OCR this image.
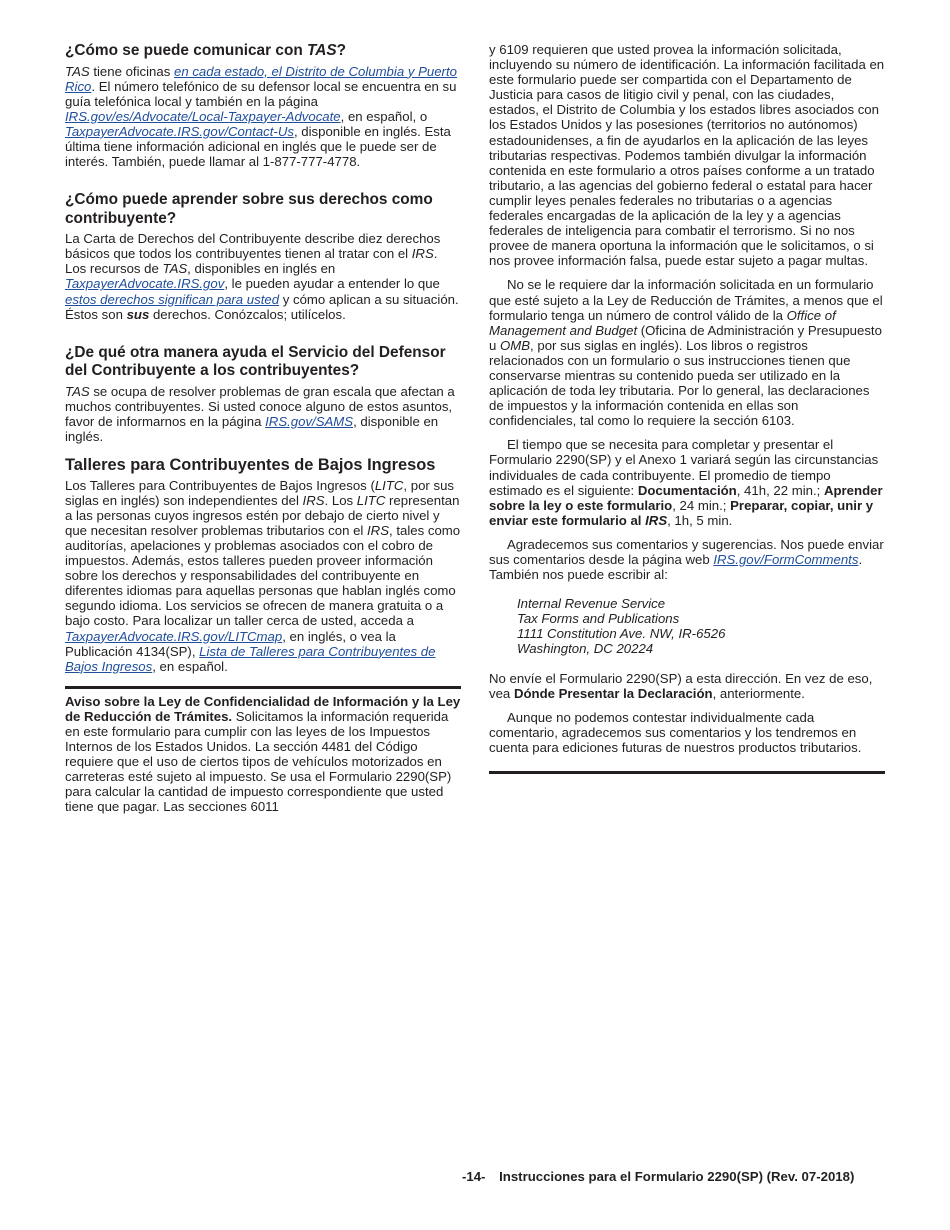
¿Cómo se puede comunicar con TAS?

TAS tiene oficinas en cada estado, el Distrito de Columbia y Puerto Rico. El número telefónico de su defensor local se encuentra en su guía telefónica local y también en la página IRS.gov/es/Advocate/Local-Taxpayer-Advocate, en español, o TaxpayerAdvocate.IRS.gov/Contact-Us, disponible en inglés. Esta última tiene información adicional en inglés que le puede ser de interés. También, puede llamar al 1-877-777-4778.

¿Cómo puede aprender sobre sus derechos como contribuyente?

La Carta de Derechos del Contribuyente describe diez derechos básicos que todos los contribuyentes tienen al tratar con el IRS. Los recursos de TAS, disponibles en inglés en TaxpayerAdvocate.IRS.gov, le pueden ayudar a entender lo que estos derechos significan para usted y cómo aplican a su situación. Éstos son sus derechos. Conózcalos; utilícelos.

¿De qué otra manera ayuda el Servicio del Defensor del Contribuyente a los contribuyentes?

TAS se ocupa de resolver problemas de gran escala que afectan a muchos contribuyentes. Si usted conoce alguno de estos asuntos, favor de informarnos en la página IRS.gov/SAMS, disponible en inglés.

Talleres para Contribuyentes de Bajos Ingresos

Los Talleres para Contribuyentes de Bajos Ingresos (LITC, por sus siglas en inglés) son independientes del IRS. Los LITC representan a las personas cuyos ingresos estén por debajo de cierto nivel y que necesitan resolver problemas tributarios con el IRS, tales como auditorías, apelaciones y problemas asociados con el cobro de impuestos. Además, estos talleres pueden proveer información sobre los derechos y responsabilidades del contribuyente en diferentes idiomas para aquellas personas que hablan inglés como segundo idioma. Los servicios se ofrecen de manera gratuita o a bajo costo. Para localizar un taller cerca de usted, acceda a TaxpayerAdvocate.IRS.gov/LITCmap, en inglés, o vea la Publicación 4134(SP), Lista de Talleres para Contribuyentes de Bajos Ingresos, en español.

Aviso sobre la Ley de Confidencialidad de Información y la Ley de Reducción de Trámites. Solicitamos la información requerida en este formulario para cumplir con las leyes de los Impuestos Internos de los Estados Unidos. La sección 4481 del Código requiere que el uso de ciertos tipos de vehículos motorizados en carreteras esté sujeto al impuesto. Se usa el Formulario 2290(SP) para calcular la cantidad de impuesto correspondiente que usted tiene que pagar. Las secciones 6011

y 6109 requieren que usted provea la información solicitada, incluyendo su número de identificación. La información facilitada en este formulario puede ser compartida con el Departamento de Justicia para casos de litigio civil y penal, con las ciudades, estados, el Distrito de Columbia y los estados libres asociados con los Estados Unidos y las posesiones (territorios no autónomos) estadounidenses, a fin de ayudarlos en la aplicación de las leyes tributarias respectivas. Podemos también divulgar la información contenida en este formulario a otros países conforme a un tratado tributario, a las agencias del gobierno federal o estatal para hacer cumplir leyes penales federales no tributarias o a agencias federales encargadas de la aplicación de la ley y a agencias federales de inteligencia para combatir el terrorismo. Si no nos provee de manera oportuna la información que le solicitamos, o si nos provee información falsa, puede estar sujeto a pagar multas.

No se le requiere dar la información solicitada en un formulario que esté sujeto a la Ley de Reducción de Trámites, a menos que el formulario tenga un número de control válido de la Office of Management and Budget (Oficina de Administración y Presupuesto u OMB, por sus siglas en inglés). Los libros o registros relacionados con un formulario o sus instrucciones tienen que conservarse mientras su contenido pueda ser utilizado en la aplicación de toda ley tributaria. Por lo general, las declaraciones de impuestos y la información contenida en ellas son confidenciales, tal como lo requiere la sección 6103.

El tiempo que se necesita para completar y presentar el Formulario 2290(SP) y el Anexo 1 variará según las circunstancias individuales de cada contribuyente. El promedio de tiempo estimado es el siguiente: Documentación, 41h, 22 min.; Aprender sobre la ley o este formulario, 24 min.; Preparar, copiar, unir y enviar este formulario al IRS, 1h, 5 min.

Agradecemos sus comentarios y sugerencias. Nos puede enviar sus comentarios desde la página web IRS.gov/FormComments. También nos puede escribir al:

Internal Revenue Service
Tax Forms and Publications
1111 Constitution Ave. NW, IR-6526
Washington, DC 20224

No envíe el Formulario 2290(SP) a esta dirección. En vez de eso, vea Dónde Presentar la Declaración, anteriormente.

Aunque no podemos contestar individualmente cada comentario, agradecemos sus comentarios y los tendremos en cuenta para ediciones futuras de nuestros productos tributarios.

-14- Instrucciones para el Formulario 2290(SP) (Rev. 07-2018)
